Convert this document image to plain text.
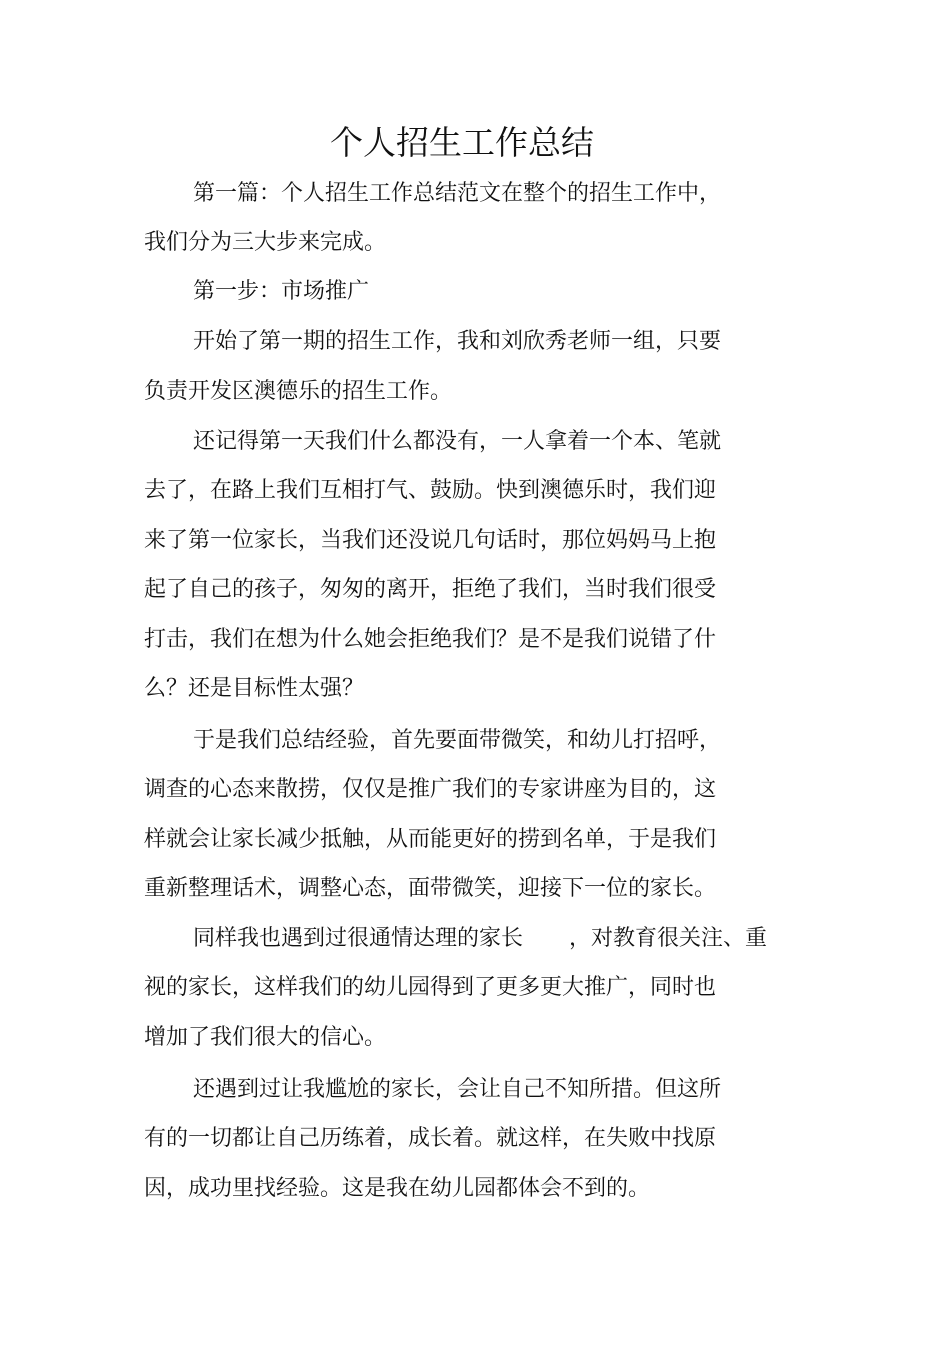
个人招生工作总结
第一篇：个人招生工作总结范文在整个的招生工作中，
我们分为三大步来完成。
第一步：市场推广
开始了第一期的招生工作，我和刘欣秀老师一组，只要
负责开发区澳德乐的招生工作。
还记得第一天我们什么都没有，一人拿着一个本、笔就
去了，在路上我们互相打气、鼓励。快到澳德乐时，我们迎
来了第一位家长，当我们还没说几句话时，那位妈妈马上抱
起了自己的孩子，匆匆的离开，拒绝了我们，当时我们很受
打击，我们在想为什么她会拒绝我们？是不是我们说错了什
么？还是目标性太强？
于是我们总结经验，首先要面带微笑，和幼儿打招呼，
调查的心态来散捞，仅仅是推广我们的专家讲座为目的，这
样就会让家长减少抵触，从而能更好的捞到名单，于是我们
重新整理话术，调整心态，面带微笑，迎接下一位的家长。
同样我也遇到过很通情达理的家长 ，对教育很关注、重
视的家长，这样我们的幼儿园得到了更多更大推广，同时也
增加了我们很大的信心。
还遇到过让我尴尬的家长，会让自己不知所措。但这所
有的一切都让自己历练着，成长着。就这样，在失败中找原
因，成功里找经验。这是我在幼儿园都体会不到的。
